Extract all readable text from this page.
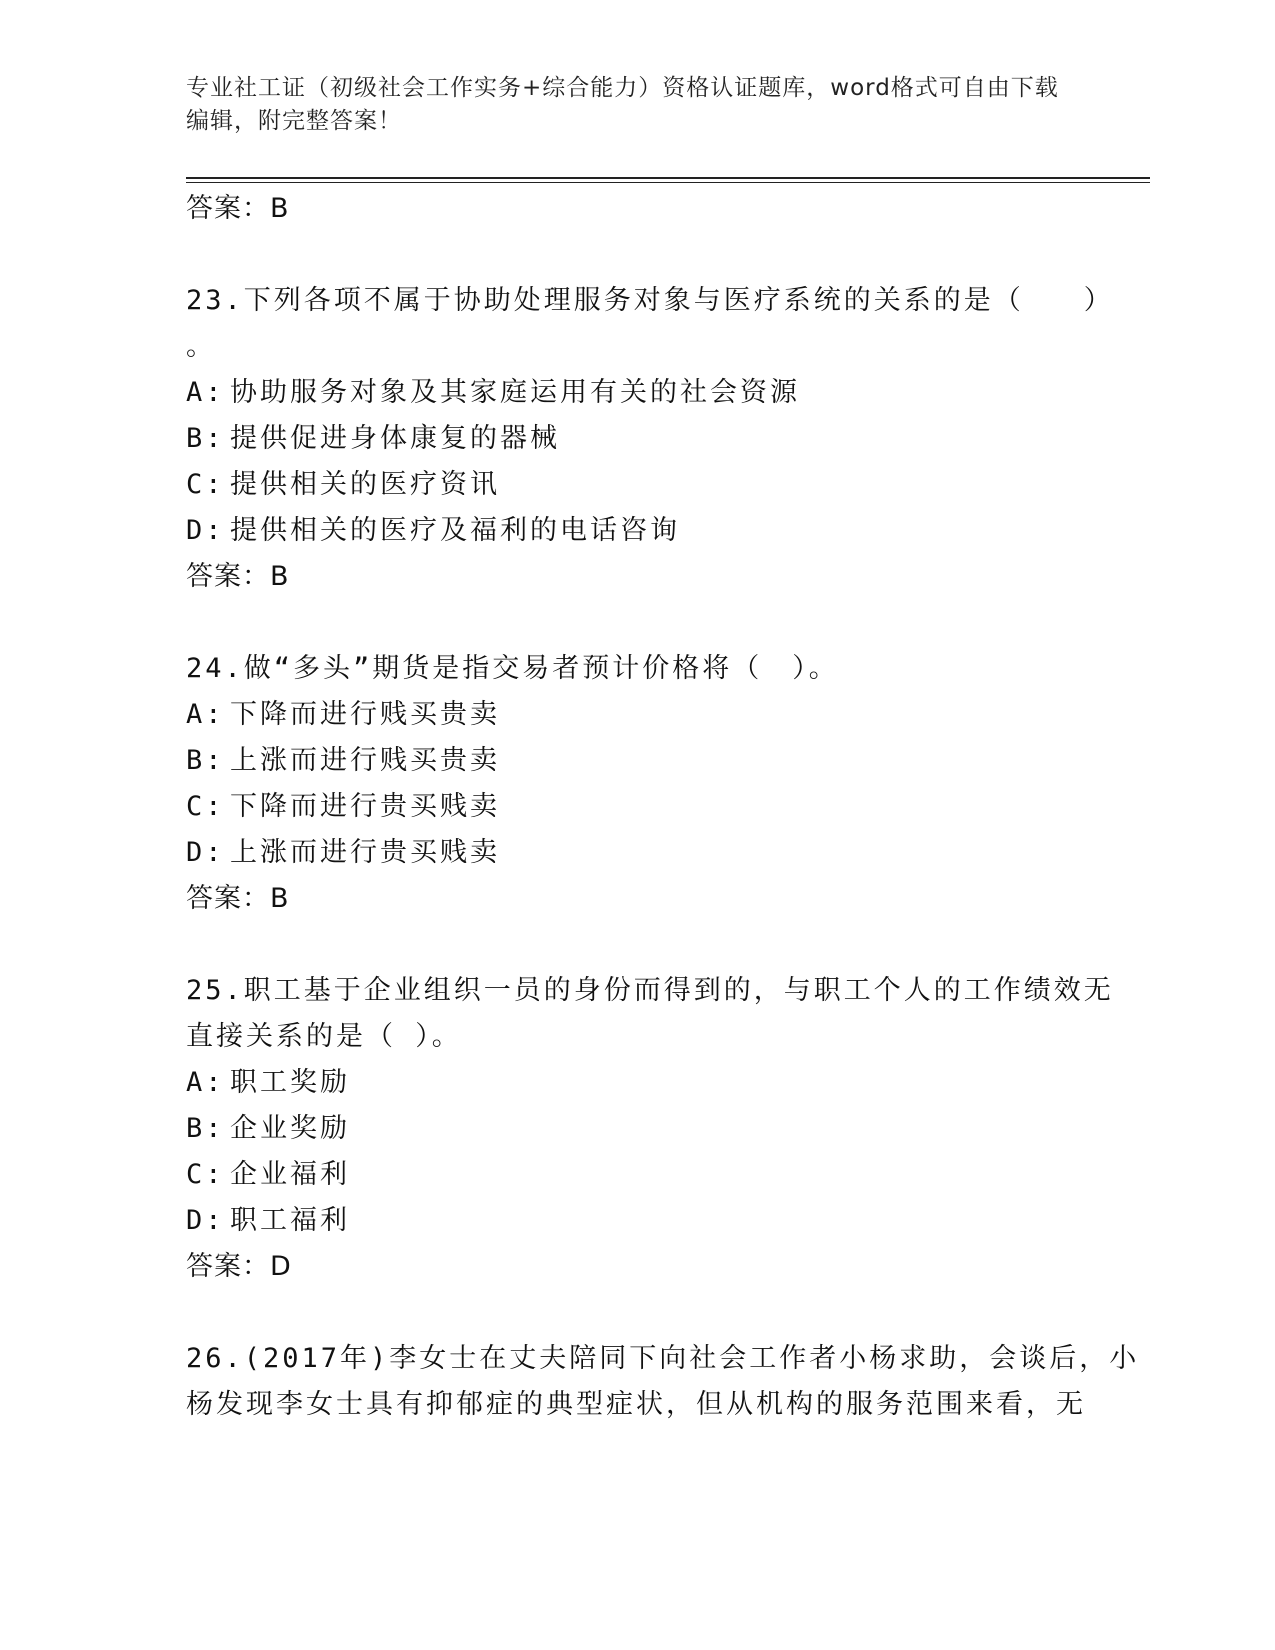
专业社工证（初级社会工作实务+综合能力）资格认证题库，word格式可自由下载
编辑，附完整答案！

答案：B

23.下列各项不属于协助处理服务对象与医疗系统的关系的是（　　）
。

A: 协助服务对象及其家庭运用有关的社会资源

B: 提供促进身体康复的器械

C: 提供相关的医疗资讯

D: 提供相关的医疗及福利的电话咨询

答案：B

24.做“多头”期货是指交易者预计价格将（　）。

A: 下降而进行贱买贵卖

B: 上涨而进行贱买贵卖

C: 下降而进行贵买贱卖

D: 上涨而进行贵买贱卖

答案：B

25.职工基于企业组织一员的身份而得到的，与职工个人的工作绩效无
直接关系的是（ ）。

A: 职工奖励

B: 企业奖励

C: 企业福利

D: 职工福利

答案：D

26.(2017年)李女士在丈夫陪同下向社会工作者小杨求助，会谈后，小
杨发现李女士具有抑郁症的典型症状，但从机构的服务范围来看，无
